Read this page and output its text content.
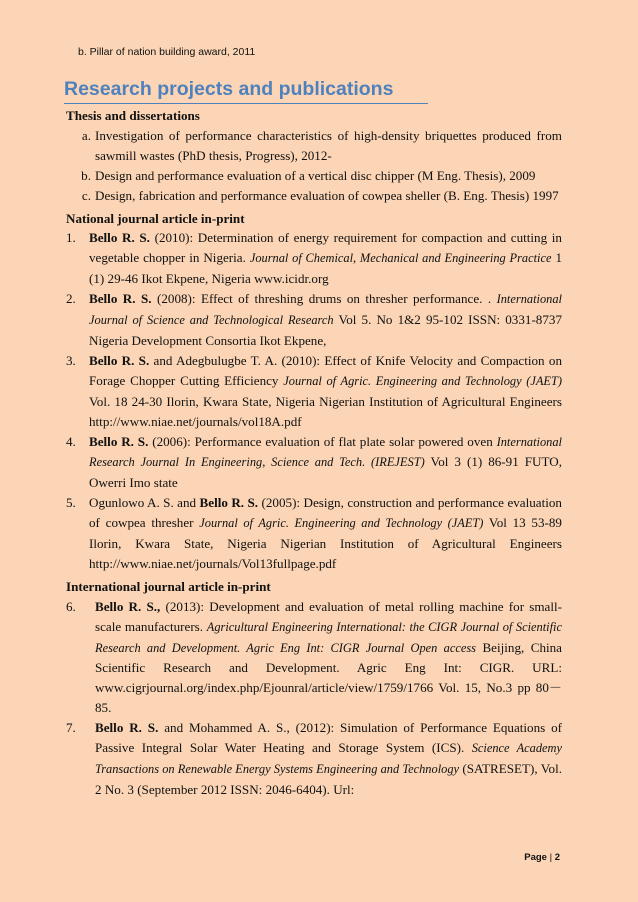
b. Pillar of nation building award, 2011
Research projects and publications

Thesis and dissertations

a. Investigation of performance characteristics of high-density briquettes produced from sawmill wastes (PhD thesis, Progress), 2012-
b. Design and performance evaluation of a vertical disc chipper (M Eng. Thesis), 2009
c. Design, fabrication and performance evaluation of cowpea sheller (B. Eng. Thesis) 1997

National journal article in-print

1.	Bello R. S. (2010): Determination of energy requirement for compaction and cutting in vegetable chopper in Nigeria. Journal of Chemical, Mechanical and Engineering Practice 1 (1) 29-46 Ikot Ekpene, Nigeria www.icidr.org
2.	Bello R. S. (2008): Effect of threshing drums on thresher performance. . International Journal of Science and Technological Research Vol 5. No 1&2 95-102 ISSN: 0331-8737 Nigeria Development Consortia Ikot Ekpene,
3.	Bello R. S. and Adegbulugbe T. A. (2010): Effect of Knife Velocity and Compaction on Forage Chopper Cutting Efficiency Journal of Agric. Engineering and Technology (JAET) Vol. 18 24-30 Ilorin, Kwara State, Nigeria Nigerian Institution of Agricultural Engineers http://www.niae.net/journals/vol18A.pdf
4.	Bello R. S. (2006): Performance evaluation of flat plate solar powered oven International Research Journal In Engineering, Science and Tech. (IREJEST) Vol 3 (1) 86-91 FUTO, Owerri Imo state
5.	Ogunlowo A. S. and Bello R. S. (2005): Design, construction and performance evaluation of cowpea thresher Journal of Agric. Engineering and Technology (JAET) Vol 13 53-89 Ilorin, Kwara State, Nigeria Nigerian Institution of Agricultural Engineers http://www.niae.net/journals/Vol13fullpage.pdf

International journal article in-print

6.	Bello R. S., (2013): Development and evaluation of metal rolling machine for small-scale manufacturers. Agricultural Engineering International: the CIGR Journal of Scientific Research and Development. Agric Eng Int: CIGR Journal Open access Beijing, China Scientific Research and Development. Agric Eng Int: CIGR. URL: www.cigrjournal.org/index.php/Ejounral/article/view/1759/1766 Vol. 15, No.3 pp 80－85.
7.	Bello R. S. and Mohammed A. S., (2012): Simulation of Performance Equations of Passive Integral Solar Water Heating and Storage System (ICS). Science Academy Transactions on Renewable Energy Systems Engineering and Technology (SATRESET), Vol. 2 No. 3 (September 2012 ISSN: 2046-6404). Url:
Page | 2
